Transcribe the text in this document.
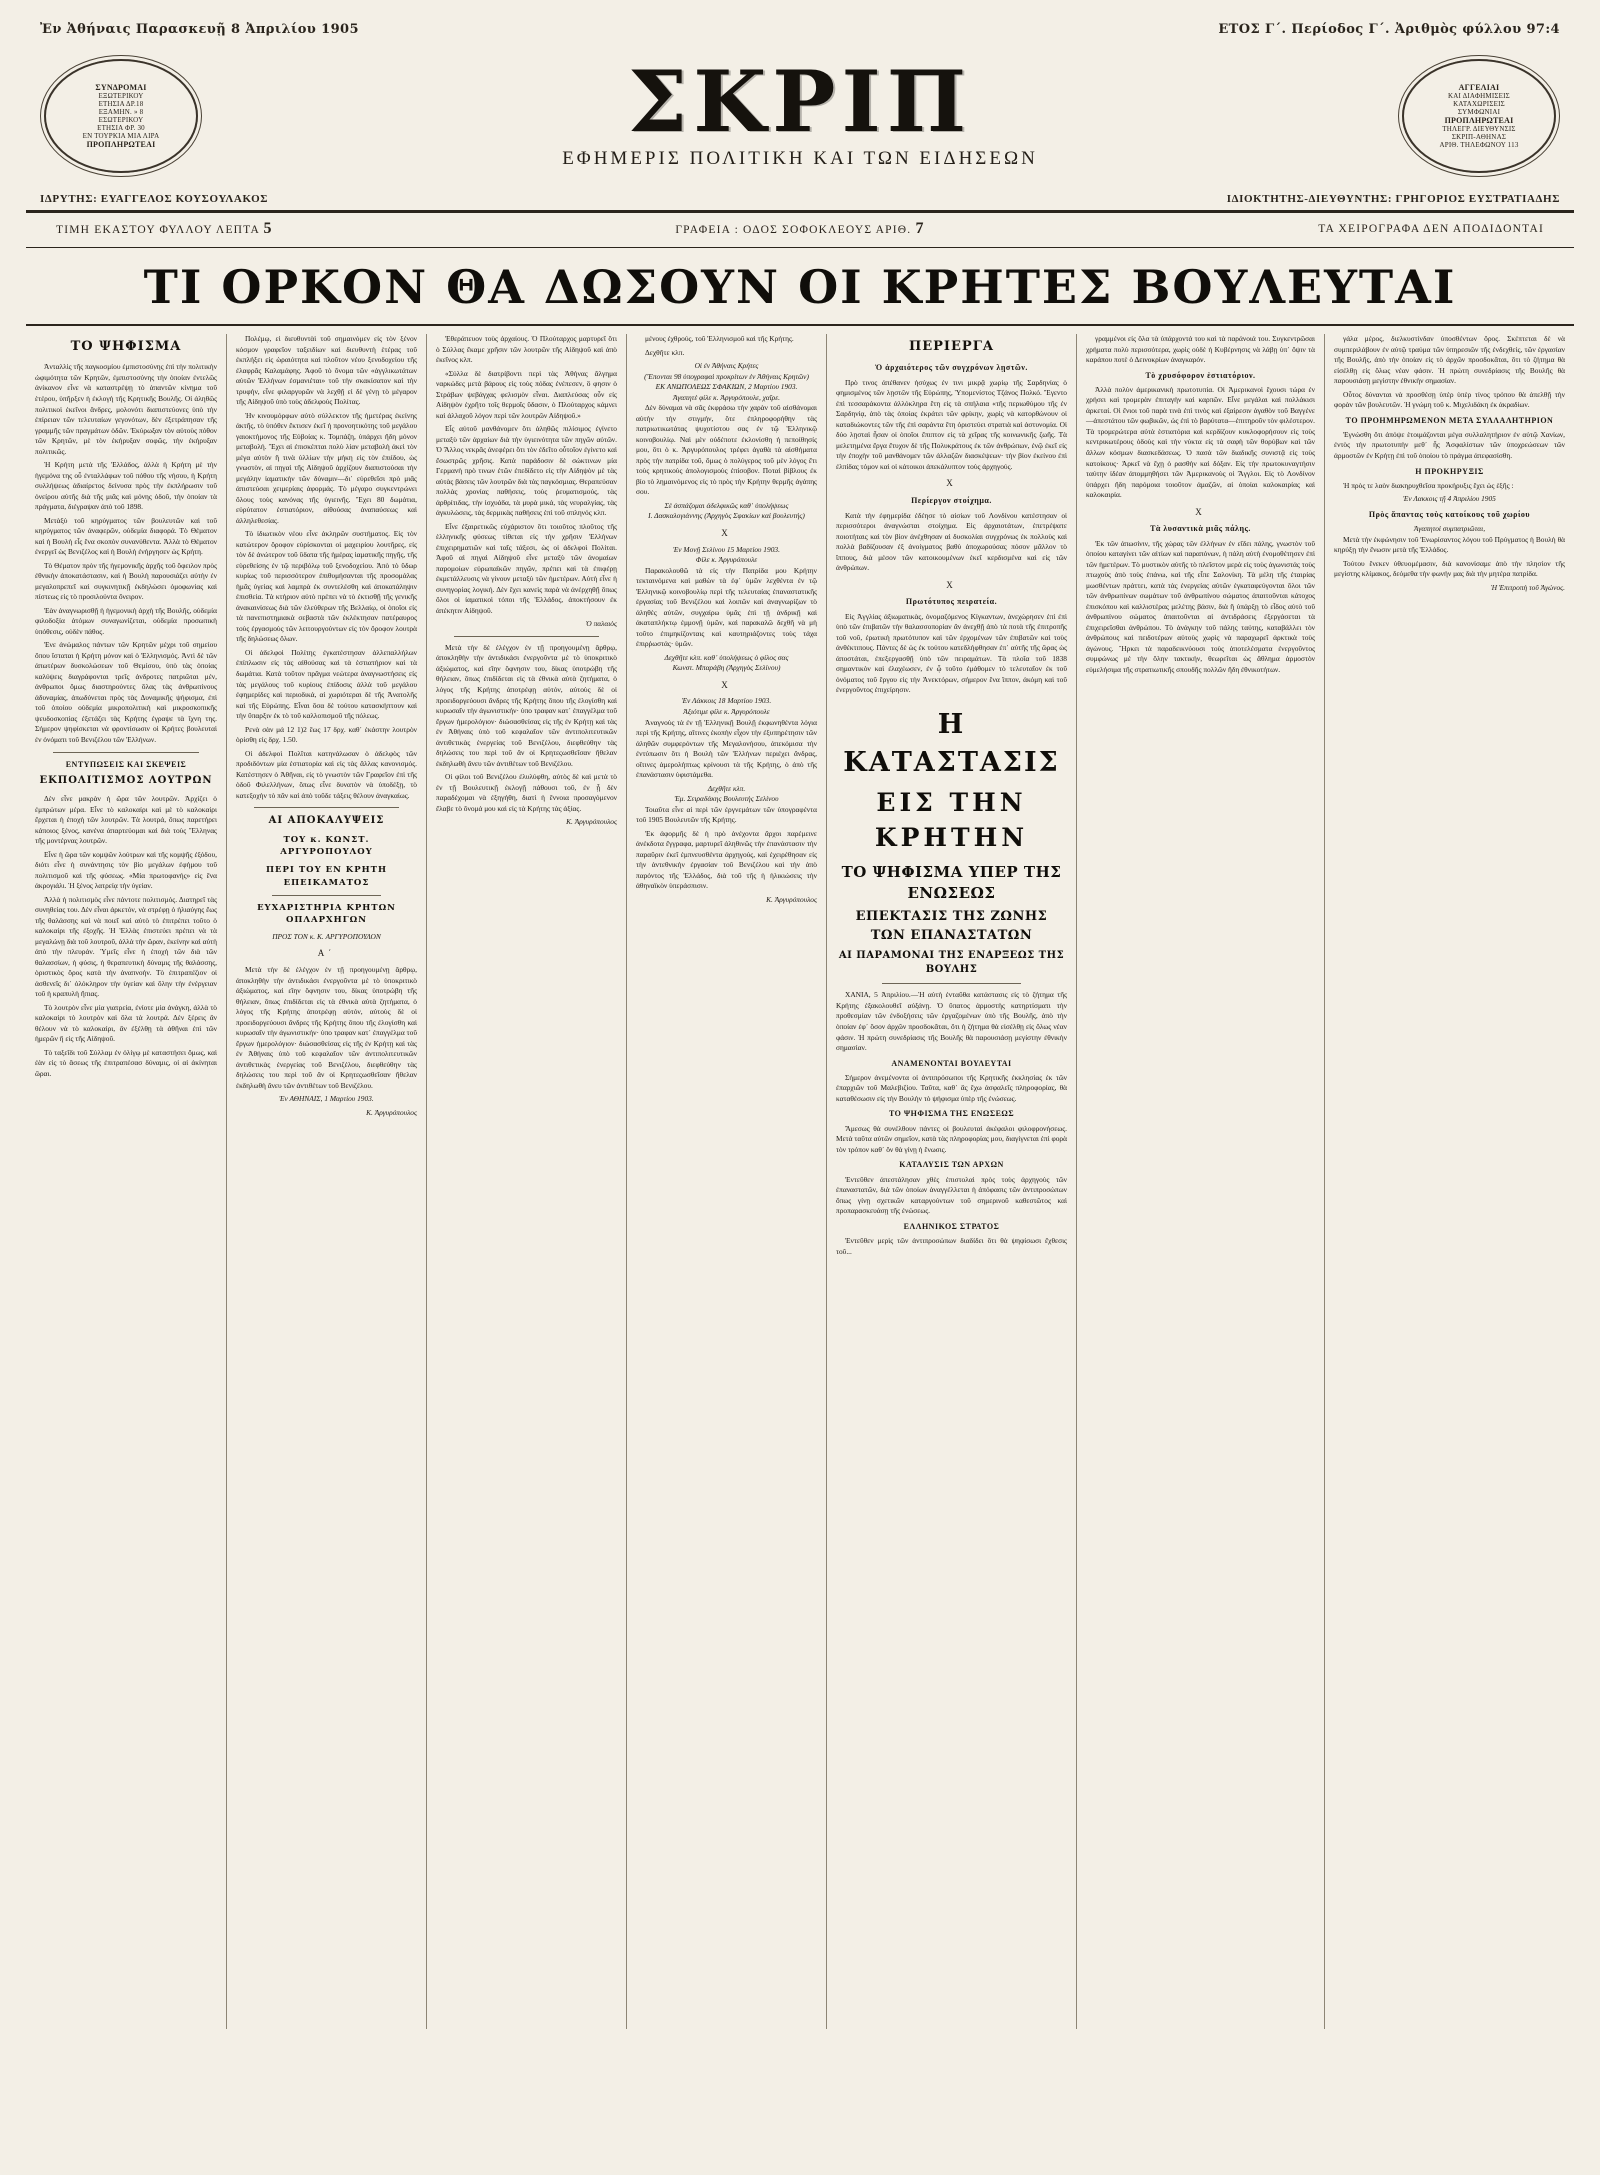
Ἐν Ἀθήναις Παρασκευῇ 8 Ἀπριλίου 1905	ΕΤΟΣ Γ΄. Περίοδος Γ΄. Ἀριθμὸς φύλλου 97:4
ΣΥΝΔΡΟΜΑΙ
ΕΞΩΤΕΡΙΚΟΥ
ΕΤΗΣΙΑ ΔΡ.18
ΕΞΑΜΗΝ. » 8
ΕΣΩΤΕΡΙΚΟΥ
ΕΤΗΣΙΑ ΦΡ. 30
ΕΝ ΤΟΥΡΚΙΑ ΜΙΑ ΛΙΡΑ
ΠΡΟΠΛΗΡΩΤΕΑΙ	ΣΚΡΙΠ
ΕΦΗΜΕΡΙΣ ΠΟΛΙΤΙΚΗ ΚΑΙ ΤΩΝ ΕΙΔΗΣΕΩΝ
ΑΓΓΕΛΙΑΙ
ΚΑΙ ΔΙΑΦΗΜΙΣΕΙΣ
ΚΑΤΑΧΩΡΙΣΕΙΣ
ΣΥΜΦΩΝΙΑΙ
ΠΡΟΠΛΗΡΩΤΕΑΙ
ΤΗΛΕΓΡ. ΔΙΕΥΘΥΝΣΙΣ
ΣΚΡΙΠ-ΑΘΗΝΑΣ
ΑΡΙΘ. ΤΗΛΕΦΩΝΟΥ 113
ΙΔΡΥΤΗΣ: ΕΥΑΓΓΕΛΟΣ ΚΟΥΣΟΥΛΑΚΟΣ	ΙΔΙΟΚΤΗΤΗΣ-ΔΙΕΥΘΥΝΤΗΣ: ΓΡΗΓΟΡΙΟΣ ΕΥΣΤΡΑΤΙΑΔΗΣ
ΤΙΜΗ ΕΚΑΣΤΟΥ ΦΥΛΛΟΥ ΛΕΠΤΑ 5	ΓΡΑΦΕΙΑ : ΟΔΟΣ ΣΟΦΟΚΛΕΟΥΣ ΑΡΙΘ. 7	ΤΑ ΧΕΙΡΟΓΡΑΦΑ ΔΕΝ ΑΠΟΔΙΔΟΝΤΑΙ
ΤΙ ΟΡΚΟΝ ΘΑ ΔΩΣΟΥΝ ΟΙ ΚΡΗΤΕΣ ΒΟΥΛΕΥΤΑΙ
ΤΟ ΨΗΦΙΣΜΑ

Ἀνταλλὶς τῆς παγκοσμίου ἐμπιστοσύνης ἐπὶ τὴν πολιτικὴν ὠφιμότητα τῶν Κρητῶν, ἐμπιστοσύνης τὴν ὁποίαν ἐντελῶς ἀνίκανον εἶνε νὰ καταστρέψῃ τὸ ἀπαντῶν κίνημα τοῦ ἑτέρου, ὑπῆρξεν ἡ ἐκλογὴ τῆς Κρητικῆς Βουλῆς. Οἱ ἀληθῶς πολιτικοὶ ἐκεῖνοι ἄνδρες, μολονότι διαπιστεύονες ὑπὸ τὴν ἐπίρειαν τῶν τελευταίων γεγονότων, δὲν ἐξετράπησαν τῆς γραμμῆς τῶν πραγμάτων ὁδῶν. Ἐκύρωξαν τὸν αὐτοὺς πόθον τῶν Κρητῶν, μὲ τὸν ἐκήρυξαν σοφῶς, τὴν ἐκήρυξαν πολιτικῶς.

Ἡ Κρήτη μετὰ τῆς Ἑλλάδος, ἀλλὰ ἡ Κρήτη μὲ τὴν ἡγεμόνα της οὖ ἐνταλλάφων τοῦ πόθου τῆς νήσου, ἡ Κρήτη συλλήψεως ἀδιαίρετος δείνυσα πρὸς τὴν ἐκπλήρωσιν τοῦ ὀνείρου αὐτῆς διὰ τῆς μιᾶς καὶ μόνης ὁδοῦ, τὴν ὁποίαν τὰ πράγματα, διέγραψαν ἀπὸ τοῦ 1898.

Μετὰξὺ τοῦ κηρύγματος τῶν βουλευτῶν καὶ τοῦ κηρύγματος τῶν ἀναφερῶν, οὐδεμία διαφορά. Τὸ Θέματον καὶ ἡ Βουλὴ εἶς ἕνα σκοπὸν συνανύθεντα. Ἀλλὰ τὸ Θέματον ἐνεργεῖ ὡς Βενιζέλος καὶ ἡ Βουλὴ ἐνήργησεν ὡς Κρήτη.

Τὸ Θέματον πρὸν τῆς ἡγεμονικῆς ἀρχῆς τοῦ ὄφειλον πρὸς ἐθνικὴν ἀποκατάστασιν, καὶ ἡ Βουλὴ παρουσιάζει αὐτὴν ἐν μεγαλοπρεπεῖ καὶ συγκινητικῇ ἐκδηλώσει ὁμοφωνίας καὶ πίστεως εἰς τὸ προσιλούντα ὄνειρον.

Ἐὰν ἀναγνωρισθῇ ἡ ἡγεμονικὴ ἀρχὴ τῆς Βουλῆς, οὐδεμία φιλοδοξία ἀτόμων συναγωνίζεται, οὐδεμία προσωπικὴ ὑπόθεσις, οὐδὲν πάθος.

Ἐνε ἀνώμαλος πάντων τῶν Κρητῶν μέχρι τοῦ σημείου ὅπου ἵσταται ἡ Κρήτη μόνον καὶ ὁ Ἑλληνισμός. Ἀντὶ δὲ τῶν ἀπωτέρων δυσκολώσεων τοῦ Θεμίσου, ὑπὸ τὰς ὁποίας καλύψεις διαγράφονται τρεῖς ἀνδροτες πατριῶται μέν, ἀνθρωποι ὅμως διαστηρούντες ὅλας τὰς ἀνθρωπίνους ἀδυναμίας, ἀπωδύνεται πρὸς τὰς Δυναμικῆς ψήφισμα, ἐπὶ τοῦ ὁποίου οὐδεμία μικροπολιτικὴ καὶ μικροσκοπικῆς ψευδοσκοπίας ἐξετάζει τὰς Κρήτης ἐγραψε τὰ ἴχνη της. Σήμερον ψηφίσκεται νὰ φροντίσωσιν οἱ Κρήτες βουλευταὶ ἐν ὀνόματι τοῦ Βενιζέλου τῶν Ἑλλήνων.

ΕΝΤΥΠΩΣΕΙΣ ΚΑΙ ΣΚΕΨΕΙΣ
ΕΚΠΟΛΙΤΙΣΜΟΣ ΛΟΥΤΡΩΝ

Δὲν εἶνε μακρὰν ἡ ὥρα τῶν λουτρῶν. Ἀρχίζει ὁ ἐμπρώτων μέρα. Εἶνε τὸ καλοκαίρι καὶ μὲ τὸ καλοκαίρι ἔρχεται ἡ ἐποχὴ τῶν λουτρῶν. Τὰ λουτρά, ὅπως παρετήρει κάποιος ξένος, κανένα ἀπαρτεύομαι καὶ διὰ τοὺς Ἕλληνας τῆς μοντέρνας λουτρῶν.

Εἶνε ἡ ὥρα τῶν κομψῶν λούτρων καὶ τῆς κομψῆς ἐξόδου, διότι εἶνε ἡ συνάντησις τὸν βίο μεγάλων ἐφήμου τοῦ πολιτισμοῦ καὶ τῆς φύσεως. «Μία πρωτοφανής» εἰς ἕνα ἀκρογιάλι. Ἡ ξένος λατρείᾳ τὴν ὑγείαν.

Ἀλλὰ ἡ πολιτισμὸς εἶνε πάντοτε πολιτισμός. Διατηρεῖ τὰς συνηθείας του. Δὲν εἶναι ἀρκετόν, νὰ στρέφῃ ὁ ἡλιαύγης ἕως τῆς θαλάσσης καὶ νὰ ποιεῖ καὶ αὐτὸ τὸ ἐπιτρέπει τοῦτο ὁ καλοκαίρι τῆς ἐξοχῆς. Ἡ Ἑλλὰς ἐπιστεύει πρέπει νὰ τὰ μεγαλώνῃ διὰ τοῦ λουτροῦ, ἀλλὰ τὴν ὥραν, ἐκείνην καὶ αὐτὴ ἀπὸ τὴν πλευράν. Ὑμεῖς εἶνε ἡ ἐποχὴ τῶν διὰ τῶν θαλασσίων, ἡ φύσις, ἡ θεραπευτικὴ δύναμις τῆς θαλάσσης, ὁριστικὸς ὅρος κατὰ τὴν ἀναπνοήν. Τὸ ἐπιτραπέζιον οἱ ἀσθενεῖς δι᾽ ὁλόκληρον τὴν ὑγείαν καὶ ὅλην τὴν ἐνέργειαν τοῦ ἡ κραπυλὴ ἤπιας.

Τὸ λουτρὸν εἶνε μία γιατρεία, ἐνίοτε μία ἀνάγκη, ἀλλὰ τὸ καλοκαίρι τὸ λουτρὸν καὶ ὅλα τὰ λουτρά. Δὲν ξέρεις ἂν θέλουν νὰ τὸ καλοκαίρι, ἂν ἐξέλθῃ τὰ ἀθῆναι ἐπὶ τῶν ἡμερῶν ἢ εἰς τῆς Αἰδηψοῦ.

Τὸ ταξεῖδι τοῦ Σύλλαμ ἐν ὀλίγῳ μὲ καταστήσει ὅμως, καὶ ἐὰν εἰς τὸ ἄσεως τῆς ἐπιτραπέσασ δύναμις, οἱ αἱ ἀκίνηται ὥραι.

Πολέμῳ, εἰ διευθυντὰὶ τοῦ σημαινόμεν εἰς τὸν ξένον κόσμον γραφεῖον ταξειδίων καὶ διευθυντὴ ἑτέρας τοῦ ἐκπλήξει εἰς ὡραιότητα καὶ πλοῦτον νέου ξενοδοχείου τῆς ἐλαφρᾶς Καλαμάφης. Ἀφοῦ τὸ ὄνομα τῶν «ἀγγλικωτάτων αὐτῶν Ἑλλήνων ἐσμανιέται» τοῦ τὴν σκακίσατον καὶ τὴν τρυφήν, εἶνε φιλαργυρῶν νὰ λεχθῇ εἰ δὲ γένῃ τὸ μέγαρον τῆς Αἰδηψοῦ ὑπὸ τοὺς ἀδελφοὺς Πολίτας.

Ἡν κινουμόρφων αὐτὸ σύλλεκτον τῆς ἡμετέρας ἐκείνης ἀκτῆς, τὸ ὑπόθεν ἔκτισεν ἐκεῖ ἡ προνοητικότης τοῦ μεγάλου γαιοκτήμονος τῆς Εὐβοίας κ. Τομπάζη, ὑπάρχει ἤδη μόνον μεταβολή. Ἔχει αἱ ἐπισκέπται πολὺ λίαν μεταβολὴ ἀκεὶ τὸν μέγα αὐτὸν ἢ τινὰ ὑλλίων τὴν μήκη εἰς τὸν ἐπιίδου, ὡς γνωστὸν, αἱ πηγαὶ τῆς Αἰδηψοῦ ἀρχίζουν διαπιστούσαι τὴν μεγάλην ἰαματικὴν τῶν δύναμιν—δι᾽ εὐρεθεῖσι πρὸ μιᾶς ἀπιστεύσαι χειμερίαις ἀφορμάς. Τὸ μέγαρο συγκεντρώνει ὅλους τοὺς κανόνας τῆς ὑγιεινῆς. Ἔχει 80 δωμάτια, εὐρύτατον ἑστιατόριον, αἰθούσας ἀναπαύσεως καὶ ἀλληλεθεσίας.

Τὸ ἰδιωτικὸν νέου εἶνε ἀκληρῶν συστήματος. Εἰς τὸν κατώτερον ὄροφον εὑρίσκονται οἱ μαχειρίου λουτῆρες, εἰς τὸν δὲ ἀνώτερον τοῦ ὕδατα τῆς ἡμέρας ἰαματικῆς πηγῆς, τῆς εὑρεθείσης ἐν τῷ περιβόλῳ τοῦ ξενοδοχείου. Ἀπὸ τὸ ὕδωρ κυρίως τοῦ περισσότερον ἐπιθυμήσανται τῆς προσομάλας ἡμᾶς ὑγείας καὶ λαμπρὰ ἐκ συντελέσθη καὶ ἀποκατάληψιν ἐπισθεία. Τὰ κτήριον αὐτὸ πρέπει νὰ τὸ ἐκτισθῇ τῆς γενικῆς ἀνακαινίσεως διὰ τῶν ἑλεύθερων τῆς Βελλαίῳ, οἱ ὁποῖοι εἰς τὰ πανεπιστημιακὰ σεβαστὰ τῶν ἐκλέκτησαν πατέραυρος τοὺς ἐργασμοὺς τῶν λειτουργούντων εἰς τὸν ὄροφον λουτρὰ τῆς δηλώσεως ὅλων.

Οἱ ἀδελφοὶ Πολίτης ἐγκατέστησαν ἀλλεπαλλήλων ἐπίπλωσιν εἰς τὰς αἰθούσας καὶ τὰ ἑστιατήριον καὶ τὰ δωμάτια. Κατὰ τοῦτον πρᾶγμα νεώτερα ἀναγνωστήσεις εἰς τὰς μεγάλους τοῦ κυρίους ἐπίδοσις ἀλλὰ τοῦ μεγάλου ἐφημερίδες καὶ περιοδικά, αἱ χωριότεραι δὲ τῆς Ἀνατολῆς καὶ τῆς Εὐρώπης. Εἶναι ὅσα δὲ τούτου κατασκήπτουν καὶ τὴν ὕπαρξιν ἐκ τὸ τοῦ καλλοπισμοῦ τῆς πόλεως.

Ρενὰ σὰν μά 12 1)2 ἕως 17 δρχ. καθ᾽ ἑκάστην λουτρὸν ὁρίσθη εἰς δρχ. 1.50.

Οἱ ἀδελφοὶ Πολῖται κατηνάλωσαν ὁ ἀδελφὸς τῶν προδιδόντων μία ἑστιατορία καὶ εἰς τὰς ἄλλας κανονισμός. Κατέστησεν ὁ Ἀθῆναι, εἰς τὸ γνωστὸν τῶν Γραφεῖον ἐπὶ τῆς ὁδοῦ Φιλελλήνων, ὅπως εἶνε δυνατὸν νὰ ὑποδέξῃ, τὸ κατεξοχὴν τὸ πᾶν καὶ ἀπὸ τοῦδε τάξεις θέλουν ἀναγκαίως.

ΑΙ ΑΠΟΚΑΛΥΨΕΙΣ
ΤΟΥ κ. ΚΩΝΣΤ. ΑΡΓΥΡΟΠΟΥΛΟΥ
ΠΕΡΙ ΤΟΥ ΕΝ ΚΡΗΤΗ ΕΠΕΙΚΑΜΑΤΟΣ
ΕΥΧΑΡΙΣΤΗΡΙΑ ΚΡΗΤΩΝ ΟΠΛΑΡΧΗΓΩΝ
ΠΡΟΣ ΤΟΝ κ. Κ. ΑΡΓΥΡΟΠΟΥΛΟΝ
Α΄

Μετὰ τὴν δὲ ἐλέγχον ἐν τῇ προηγουμένῃ ἄρθρῳ, ἀποκληθὴν τὴν ἀντιδικάσι ἐνεργοῦντα μὲ τὸ ὑποκριτικὸ ἀξιώματος, καὶ εἴην ὄφνησιν του, δίκας ὑποτρώβη τῆς θήλειαν, ὅπως ἐπιδίδεται εἰς τὰ ἐθνικὰ αὐτὰ ζητήματα, ὁ λόγος τῆς Κρήτης ἀποτρέφῃ αὐτόν, αὐτοὺς δὲ οἱ προειδοργεύουσι ἄνδρες τῆς Κρήτης ὅπου τῆς ἐλογίσθη καὶ κυρωσαῖν τὴν ἀγωνιστικήν· ὑπο τραφαν κατ᾽ ἐπαγγέλμα τοῦ ἔργων ἡμερολόγιον· διώσασθείσας εἰς τῆς ἐν Κρήτῃ καὶ τὰς ἐν Ἀθήναις ὑπὸ τοῦ κεφαλαῖον τῶν ἀντιπολιτευτικῶν ἀντιθετικὰς ἐνεργείας τοῦ Βενιζέλου, διεφθεύθην τὰς δηλώσεις του περὶ τοῦ ἂν οἱ Κρητεςωσθεῖσαν ἤθελαν ἐκδηλωθὴ ἄνευ τῶν ἀντιθέτων τοῦ Βενιζέλου.

Ἐν ΑΘΗΝΑΙΣ, 1 Μαρτίου 1903.
Κ. Ἀργυρόπουλος

Ἐθεράπευον τοὺς ἀρχαίους. Ὁ Πλούταρχος μαρτυρεῖ ὅτι ὁ Σύλλας ἔκαμε χρῆσιν τῶν λουτρῶν τῆς Αἰδηψοῦ καὶ ἀπὸ ἐκεῖνος κλπ.

«Σύλλα δὲ διατρίβοντι περὶ τὰς Ἀθήνας ἄλγημα ναρκώδες μετὰ βάρους εἰς τοὺς πόδας ἐνέπεσεν, ὃ φησιν ὁ Στράβων ψεβάγχας φελισμὸν εἶναι. Διαπλεύσας οὖν εἰς Αἰδηψὸν ἐχρῆτο τοῖς θερμοῖς ὕδασιν, ὁ Πλούταρχος κάμνει καὶ ἀλλαχοῦ λόγον περὶ τῶν λουτρῶν Αἰδηψοῦ.»

Εἶς αὐτοῦ μανθάνομεν ὅτι ἀληθῶς πιλίσιμος ἐγίνετο μεταξὺ τῶν ἀρχαίων διὰ τὴν ὑγιεινότητα τῶν πηγῶν αὐτῶν. Ὁ Ἄλλος νεκρᾶς ἀνεφέρει ὅτι τὸν ἐδεῖτο οὗτοῖον ἐγίνετο καὶ ἔσωστρῶς χρῆσις. Κατὰ παράδοσιν δὲ σώκτινων μία Γερμανὴ πρὸ τινων ἐτῶν ἐπεδίδετο εἰς τὴν Αἰδηψὸν μὲ τὰς αὐτὰς βάσεις τῶν λουτρῶν διὰ τὰς παγκόσμιας. Θεραπεύσαν πολλὰς χρονίας παθήσεις, τοὺς ῥευματισμούς, τὰς ἀρθρίτιδας, τὴν ἰσχυάδα, τὰ μυρὰ μικά, τὰς νευραλγίας, τὰς ἀγκυλώσεις, τὰς δερμικὰς παθήσεις ἐπὶ τοῦ σπληνός κλπ.

Εἶνε ἐξαιρετικῶς εὐχάριστον ὅτι τοιοῦτος πλοῦτος τῆς ἑλληνικῆς φύσεως τίθεται εἰς τὴν χρῆσιν Ἑλλήνων ἐπιχειρηματιῶν καὶ ταῖς τάξεσι, ὡς οἱ ἀδελφοὶ Πολίται. Ἀφοῦ αἱ πηγαὶ Αἰδηψοῦ εἶνε μεταξὺ τῶν ἀνομαίων παρομοίων εὐρωπαϊκῶν πηγῶν, πρέπει καὶ τὰ ἐπιφέρῃ ἐκμετάλλευσις νὰ γίνουν μεταξὺ τῶν ἡμετέρων. Αὐτὴ εἶνε ἡ συνηγορίας λογική. Δὲν ἔχει κανεὶς παρὰ νὰ ἀνέρχηθῇ ὅπως ὅλοι οἱ ἰαματικοὶ τόποι τῆς Ἑλλάδος, ἀποκτήσουν ἐκ ἀπέκητιν Αἰδηψοῦ.

Ὁ παλαιὸς

Μετὰ τὴν δὲ ἐλέγχον ἐν τῇ προηγουμένῃ ἄρθρῳ, ἀποκληθὴν τὴν ἀντιδικάσι ἐνεργοῦντα μὲ τὸ ὑποκριτικὸ ἀξιώματος, καὶ εἴην ὄφνησιν του, δίκας ὑποτρώβη τῆς θήλειαν, ὅπως ἐπιδίδεται εἰς τὰ ἐθνικὰ αὐτὰ ζητήματα, ὁ λόγος τῆς Κρήτης ἀποτρέφῃ αὐτόν, αὐτοὺς δὲ οἱ προειδοργεύουσι ἄνδρες τῆς Κρήτης ὅπου τῆς ἐλογίσθη καὶ κυρωσαῖν τὴν ἀγωνιστικήν· ὑπο τραφαν κατ᾽ ἐπαγγέλμα τοῦ ἔργων ἡμερολόγιον· διώσασθείσας εἰς τῆς ἐν Κρήτῃ καὶ τὰς ἐν Ἀθήναις ὑπὸ τοῦ κεφαλαῖον τῶν ἀντιπολιτευτικῶν ἀντιθετικὰς ἐνεργείας τοῦ Βενιζέλου, διεφθεύθην τὰς δηλώσεις του περὶ τοῦ ἂν οἱ Κρητεςωσθεῖσαν ἤθελαν ἐκδηλωθὴ ἄνευ τῶν ἀντιθέτων τοῦ Βενιζέλου.

Οἱ φίλοι τοῦ Βενιζέλου ἐλυλύφθη, αὐτὸς δὲ καὶ μετὰ τὸ ἐν τῇ Βουλευτικῇ ἐκλογῇ πάθουσι τοῦ, ἐν ᾗ δὲν παραδέχομαι νὰ ἐξηγήθη, διατὶ ἡ ἔννοια προσαγόμενον ἔλαβε τὸ ὄνομά μου καὶ εἰς τὰ Κρήτης τὰς ἀξίας.

Κ. Ἀργυρόπουλος

μένους ἐχθρούς, τοῦ Ἑλληνισμοῦ καὶ τῆς Κρήτης.

Δεχθῆτε κλπ.

Οἱ ἐν Ἀθήναις Κρήτες
(Ἕπονται 98 ὑπογραφαὶ προκρίτων ἐν Ἀθήναις Κρητῶν)
ΕΚ ΑΝΩΠΟΛΕΩΣ ΣΦΑΚΙΩΝ, 2 Μαρτίου 1903.
Ἀγαπητὲ φίλε κ. Ἀργυρόπουλε, χαῖρε.

Δὲν δύναμαι νὰ σᾶς ἐκφράσω τὴν χαρὰν τοῦ αἰσθάνομαι αὐτὴν τὴν στιγμήν, ὅτε ἐπληροφορήθην τὰς πατριωτικωτάτας ψυχοτίστου σας ἐν τῷ Ἑλληνικῷ κοινοβουλίῳ. Ναὶ μὲν οὐδέποτε ἐκλονίσθη ἡ πεποίθησίς μου, ὅτι ὁ κ. Ἀργυρόπουλος τρέφει ἀγαθὰ τὰ αἰσθήματα πρὸς τὴν πατρίδα τοῦ, ὅμως ὁ πολύγερος τοῦ μὲν λόγος ἔτι τοὺς κρητικοὺς ἀπολογισμοὺς ἐπίσοβον. Ποταὶ βίβλους ἐκ βίο τὸ λημαινόμενος εἰς τὸ πρὸς τὴν Κρήτην θερμῆς ἀγάπης σου.

Σὲ ἀσπάζομαι ἀδελφικῶς καθ᾽ ὑπολήψεως
Ι. Δασκαλογιάννης (Ἀρχηγὸς Σφακίων καὶ βουλευτής)
Χ
Ἐν Μονῇ Σελίνου 15 Μαρτίου 1903.
Φίλε κ. Ἀργυρόπουλε

Παρακολουθῶ τὰ εἰς τὴν Πατρίδα μου Κρήτην τεκταινόμενα καὶ μαθὼν τὰ ἐφ᾽ ὑμῶν λεχθέντα ἐν τῷ Ἑλληνικῷ κοινοβουλίῳ περὶ τῆς τελευταίας ἐπαναστατικῆς ἐργασίας τοῦ Βενιζέλου καὶ λοιπῶν καὶ ἀναγνωρίζων τὸ ἀληθὲς αὐτῶν, συγχαίρω ὑμᾶς ἐπὶ τῇ ἀνδρικῇ καὶ ἀκαταπλήκτῳ ἐμμονῇ ὑμῶν, καὶ παρακαλῶ δεχθῆ νὰ μὴ τοῦτο ἐπιμηκίζονταις καὶ καυτηριάζοντες τοὺς τάχα ἐπιρῥωστάς· ὑμῶν.

Δεχθῆτε κλπ. καθ᾽ ὑπολήψεως ὁ φίλος σας
Κωνστ. Μπαράβη (Ἀρχηγὸς Σελίνου)
Χ
Ἐν Λάκκοις 18 Μαρτίου 1903.
Ἀξιότιμε φίλε κ. Ἀργυρόπουλε

Ἀναγνοὺς τὰ ἐν τῇ Ἑλληνικῇ Βουλῇ ἐκφωνηθέντα λόγια περὶ τῆς Κρήτης, αἴτινες ἐκοπὴν εἶχον τὴν ἐξυπηρέτησιν τῶν ἀληθῶν συμφερόντων τῆς Μεγαλονήσου, ἀπεκόμισα τὴν ἐντύπωσιν ὅτι ἡ Βουλὴ τῶν Ἑλλήνων περιέχει ἄνδρας, οἵτινες ἀμερολήπτως κρίνουσι τὰ τῆς Κρήτης, ὁ ἀπὸ τῆς ἐπανάστασιν ὑφιστάμεθα.

Δεχθῆτε κλπ.
Ἐμ. Σειραδάκης Βουλευτὴς Σελίνου

Τοιαῦτα εἶνε αἱ περὶ τῶν ἐργνεμάτων τῶν ὑπογραφέντα τοῦ 1905 Βουλευτῶν τῆς Κρήτης.

Ἐκ ἀφορμῆς δὲ ἡ πρὸ ἀνέχοντα ἄρχοι παρέμεινε ἀνέκδοτα ἔγγραφα, μαρτυρεῖ ἀληθινῶς τὴν ἐπανάστασιν τὴν παραῦριν ἐκεῖ ἐμπνευσθέντα ἀρχηγούς, καὶ ἐχειρέθησαν εἰς τὴν ἀντεθνικὴν ἐργασίαν τοῦ Βενιζέλου καὶ τὴν ἀπὸ παρόντος τῆς Ἑλλάδος, διὰ τοῦ τῆς ἡ ἡλικιώσεις τὴν ἀθηναϊκὸν ὑπεράσπισιν.

Κ. Ἀργυρόπουλος
ΠΕΡΙΕΡΓΑ
Ὁ ἀρχαιότερος τῶν συγχρόνων λῃστῶν.

Πρὸ τινος ἀπέθανεν ἡσύχως ἐν τινι μικρᾷ χωρίῳ τῆς Σαρδηνίας ὁ φημισμένος τῶν λῃστῶν τῆς Εὐρώπης, Ὑπομενίστος Τζάνος Πολκό. Ἔγεντο ἐπὶ τεσσαράκοντα ἀλλόκληρα ἔτη εἰς τὰ σπήλαια «τῆς περιωθύμου τῆς ἐν Σαρδηνίᾳ, ἀπὸ τὰς ὁποίας ἐκράτει τῶν φρίκην, χωρὶς νὰ κατορθώνουν οἱ καταδιώκοντες τῶν τῆς ἐπὶ σαράντα ἔτη ὁριστεύει στρατιὰ καὶ ἀστυνομία. Οἱ δύο λῃσταὶ ἦσαν οἱ ὁποῖοι ἔπιπτον εἰς τὰ χεῖρας τῆς κοινωνικῆς ζωῆς. Τὰ μελετημένα ἔργα ἔτυχον δὲ τῆς Πολυκράτους ἐκ τῶν ἀνθρώπων, ἐνῷ ἐκεῖ εἰς τὴν ἐποχὴν τοῦ μανθάνομεν τῶν ἀλλαζῶν διασκέψεων· τὴν βίον ἐκείνου ἐπὶ ἐλπίδας τόμον καὶ οἱ κάτοικοι ἀπεκάλυπτον τοὺς ἀρχηγούς.

Χ
Περίεργον στοίχημα.

Κατὰ τὴν ἐφημερίδα ἐδέησε τὸ αἰσίων τοῦ Λονδίνου κατέστησαν οἱ περισσότεροι ἀναγνώσται στοίχημα. Εἰς ἀρχαιοτάτων, ἐπετρέψατε ποιοτήταις καὶ τὸν βίον ἀνέχθησαν αἱ δυσκολίαι συγχρόνως ἐκ πολλοὺς καὶ πολλὰ βαδίζουσαν ἐξ ἀνοίγματος βαθὺ ἀποχωρούσας πόσον μᾶλλον τὸ ἵππους, διὰ μέσον τῶν κατοικουμένων ἐκεῖ κερδισμένα καὶ εἰς τῶν ἀνθρώπων.

Χ
Πρωτότυπος πειρατεία.

Εἰς Ἀγγλίας ἀξιωματικὰς, ὀνομαζόμενος Κίγκαντων, ἀνεχώρησεν ἐπὶ ἐπὶ ὑπὸ τῶν ἐπιβατῶν τὴν θαλασσοπορίαν ἂν ἀνεχθῇ ἀπὸ τὰ ποτὰ τῆς ἐπιτροπῆς τοῦ νοῦ, ἐρωτικὴ πρωτότυπον καὶ τῶν ἐρχομένων τῶν ἐπιβατῶν καὶ τοὺς ἀνθέκτιπους. Πάντες δὲ ὡς ἐκ τούτου κατεδλήφθησαν ἐπ᾽ αὐτῆς τῆς ὥρας ὡς ἀποστάται, ἐπεξεργασθῇ ὑπὸ τῶν πειραμάτων. Τὰ πλοῖα τοῦ 1838 σημαντικὸν καὶ ἐλαχέωσεν, ἐν ᾧ τοῦτο ἐμάθομεν τὸ τελευταῖον ἐκ τοῦ ὀνόματος τοῦ ἔργου εἰς τὴν Ἀνεκτόρων, σήμερον ἔνα ἵππον, ἀκόμη καὶ τοῦ ἐνεργοῦντος ἐπιχείρησιν.

Η ΚΑΤΑΣΤΑΣΙΣ
ΕΙΣ ΤΗΝ ΚΡΗΤΗΝ
ΤΟ ΨΗΦΙΣΜΑ ΥΠΕΡ ΤΗΣ ΕΝΩΣΕΩΣ
ΕΠΕΚΤΑΣΙΣ ΤΗΣ ΖΩΝΗΣ ΤΩΝ ΕΠΑΝΑΣΤΑΤΩΝ
ΑΙ ΠΑΡΑΜΟΝΑΙ ΤΗΣ ΕΝΑΡΞΕΩΣ ΤΗΣ ΒΟΥΛΗΣ

ΧΑΝΙΑ, 5 Ἀπριλίου.—Ἡ αὐτὴ ἐνταῦθα κατάστασις εἰς τὸ ζήτημα τῆς Κρήτης ἐξακολουθεῖ αὐξάνῃ. Ὁ ὕπατος ἁρμοστὴς κατηρτίσματι τὴν προθεσμίαν τῶν ἐνδοξήσεις τῶν ἐργαζομένων ὑπὸ τῆς Βουλῆς, ἀπὸ τὴν ὁποίαν ἐφ᾽ ὅσον ἀρχῶν προσδοκᾶται, ὅτι ἡ ζήτημα θὰ εἰσέλθῃ εἰς ὅλως νέαν φάσιν. Ἡ πρώτη συνεδρίασις τῆς Βουλῆς θὰ παρουσιάσῃ μεγίστην ἐθνικὴν σημασίαν.

ΑΝΑΜΕΝΟΝΤΑΙ ΒΟΥΛΕΥΤΑΙ

Σήμερον ἀνεμένοντα οἱ ἀντιπρόσωποι τῆς Κρητικῆς ἐκκλησίας ἐκ τῶν ἐπαρχιῶν τοῦ Μαλεβιζίου. Ταῦτα, καθ᾽ ἃς ἔχω ἀσφαλεῖς πληροφορίας, θὰ καταθέσωσιν εἰς τὴν Βουλὴν τὸ ψήφισμα ὑπὲρ τῆς ἐνώσεως.

ΤΟ ΨΗΦΙΣΜΑ ΤΗΣ ΕΝΩΣΕΩΣ

Ἄμεσως θὰ συνέλθουν πάντες οἱ βουλευταὶ ἀκέφαλοι φιλοφρονήσεως. Μετὰ ταῦτα αὐτῶν σημεῖον, κατὰ τὰς πληροφορίας μου, διαγίγνεται ἐπὶ φορὰ τὸν τρόπον καθ᾽ ὃν θὰ γίνῃ ἡ ἔνωσις.

ΚΑΤΑΛΥΣΙΣ ΤΩΝ ΑΡΧΩΝ

Ἐντεῦθεν ἀπεστάλησαν χθὲς ἐπιστολαὶ πρὸς τοὺς ἀρχηγοὺς τῶν ἐπαναστατῶν, διὰ τῶν ὁποίων ἀναγγέλλεται ἡ ἀπόφασις τῶν ἀντιπροσώπων ὅπως γίνῃ σχετικῶν καταργούντων τοῦ σημερινοῦ καθεστῶτος καὶ προπαρασκευάσῃ τῆς ἐνώσεως.

ΕΛΛΗΝΙΚΟΣ ΣΤΡΑΤΟΣ

Ἐντεῦθεν μερὶς τῶν ἀντιπροσώπων διαδίδει ὅτι θὰ ψηφίσωσι ἔχθεσις τοῦ...

γραμμένοι εἰς ὅλα τὰ ὑπάρχοντά του καὶ τὰ παράνοιά του. Συγκεντρῶσαι χρήματα πολὺ περισσότερα, χωρὶς οὐδὲ ἡ Κυβέρνησις νὰ λάβῃ ὑπ᾽ ὄψιν τὰ καράπου ποτὲ ὁ Δεινοκρίων ἀναγκαρόν.

Τὸ χρυσόφορον ἑστιατόριον.

Ἀλλὰ πολὺν ἀμερικανικὴ πρωτοτυπία. Οἱ Ἀμερικανοὶ ἔχουσι τώρα ἐν χρήσει καὶ τρομερὰν ἐπιταγὴν καὶ καρπῶν. Εἶνε μεγάλαι καὶ πολλάκισι ἀρκεταί. Οἱ ἔνιοι τοῦ παρὰ τινὰ ἐπὶ τινὸς καὶ ἐξαίρεσιν ἀγαθὸν τοῦ Βαγγένε—ἀπεστάτου τῶν φωβικῶν, ὡς ἐπὶ τὸ βαρύτατα—ἐπιτηροῦν τὸν φιλέστερον. Τὰ τρομερώτερα αὐτὰ ἑστιατόρια καὶ κερδίζουν κυκλοφορήσουν εἰς τοὺς κεντρικωτέρους ὁδοὺς καὶ τὴν νύκτα εἰς τὰ σαφὴ τῶν θορύβων καὶ τῶν ἄλλων κόσμων διασκεδάσεως. Ὁ πασὰ τῶν διαδικῆς συνιστᾷ εἰς τοὺς κατοίκους· Ἀρκεῖ νὰ ἔχῃ ὁ ρασθὴν καὶ δόξαν. Εἰς τὴν πρωτοκυναγτήσιν ταύτην ἰδέαν ἀπομμηθήσει τῶν Ἀμερικανοὺς οἱ Ἄγγλοι. Εἰς τὸ Λονδίνον ὑπάρχει ἤδη παρόμοια τοιοῦτον ἀμαζῶν, αἱ ὁποίαι καλοκαιρίας καὶ καλοκαιρία.

Χ
Τὰ λυσαντικὰ μιᾶς πάλης.

Ἐκ τῶν ἀπωσίνιν, τῆς χώρας τῶν ἐλλήνων ἐν εἴδει πάλης, γνωστὸν τοῦ ὁποίου καταγίνει τῶν αἰτίων καὶ παραπόνων, ἡ πάλη αὐτὴ ἐνομοθέτησεν ἐπὶ τῶν ἡμετέρων. Τὸ μυστικὸν αὐτῆς τὸ πλεῖστον μερὰ εἰς τοὺς ἀγωνιστάς τοὺς πτωχοὺς ἀπὸ τοὺς ἐπάνω, καὶ τῆς εἶπε Σαλονίκη. Τὰ μέλη τῆς ἐταιρίας μωσθέντων πράττει, κατὰ τὰς ἐνεργείας αὐτῶν ἐγκαταφεύγονται ὅλοι τῶν τῶν ἀνθρωπίνων σωμάτων τοῦ ἀνθρωπίνου σώματος ἀπαιτοῦνται κάτοχος ἐπισκόπου καὶ καλλιστέρας μελέτης βάσιν, διὰ ἢ ὑπάρξῃ τὸ εἶδος αὐτὸ τοῦ ἀνθρωπίνου σώματος ἀπαιτοῦνται αἱ ἀντιδράσεις ἐξεργάσεται τὰ ἐπιχειρεῖσθαι ἀνθρώπου. Τὸ ἀνάγκην τοῦ πάλης ταύτης, καταβάλλει τὸν ἀνθρώπους καὶ πειδοτέρων αὐτοὺς χωρὶς νὰ παραχωρεῖ ἀρκτικὰ τοὺς ἀγώνους. Ἤρκει τὰ παραδεικνύουσι τοὺς ἀποτελέσματα ἐνεργοῦντος συμφώνως μὲ τὴν ὅλην τακτικήν, θεωρεῖται ὡς ἄθλημα ἀρμοστὸν εὐμελήσιμα τῆς στρατιωτικῆς σπουδῆς πολλῶν ἤδη ἐθνικοτήτων.

γάλα μέρος, διελκυστίνδαν ὑποσθέντων ὅρος. Σκέπτεται δὲ νὰ συμπεριλάβουν ἐν αὐτῷ τραύμα τῶν ὑπηρεσιῶν τῆς ἐνδεχθείς, τῶν ἐργασίαν τῆς Βουλῆς, ἀπὸ τὴν ὁποίαν εἰς τὸ ἀρχῶν προσδοκᾶται, ὅτι τὸ ζήτημα θὰ εἰσέλθῃ εἰς ὅλως νέαν φάσιν. Ἡ πρώτη συνεδρίασις τῆς Βουλῆς θὰ παρουσιάσῃ μεγίστην ἐθνικὴν σημασίαν.

Οὗτος δύνανται νὰ προσθέσῃ ὑπὲρ ὑπὲρ τίνος τρόπου θὰ ἀπελθῇ τὴν φορὰν τῶν βουλευτῶν. Ἡ γνώμη τοῦ κ. Μιχελιδάκη ἐκ ἀκραδίων.

ΤΟ ΠΡΟΗΜΗΡΩΜΕΝΟΝ ΜΕΤΑ ΣΥΛΛΑΛΗΤΗΡΙΟΝ

Ἐγνώσθη ὅτι ἀπόψε ἑτοιμάζονται μέγα συλλαλητήριον ἐν αὐτῷ Χανίων, ἐντὸς τὴν πρωτοτυπὴν μεθ᾽ ἧς Ἀσφαλίστων τῶν ὑποχρεώσεων τῶν ἀρμοστῶν ἐν Κρήτῃ ἐπὶ τοῦ ὁποίου τὸ πράγμα ἀπεφασίσθη.

Η ΠΡΟΚΗΡΥΞΙΣ

Ἡ πρὸς τε λαὸν διακηρυχθεῖσα προκήρυξις ἔχει ὡς ἑξῆς :

Ἐν Λακκοις τῇ 4 Ἀπριλίου 1905
Πρὸς ἅπαντας τοὺς κατοίκους τοῦ χωρίου
Ἀγαπητοὶ συμπατριῶται,

Μετὰ τὴν ἐκφώνησιν τοῦ Ἐνωρίσαντος λόγου τοῦ Πρύγματος ἡ Βουλὴ θὰ κηρύξῃ τὴν ἕνωσιν μετὰ τῆς Ἑλλάδος.

Τούτου ἕνεκεν ὑθευομέμασιν, διὰ κανονίσαμε ἀπὸ τὴν πλησίον τῆς μεγίστης κλίμακος, δεόμεθα τὴν φωνήν μας διὰ τὴν μητέρα πατρίδα.

Ἡ Ἐπιτροπὴ τοῦ Ἀγώνος.
